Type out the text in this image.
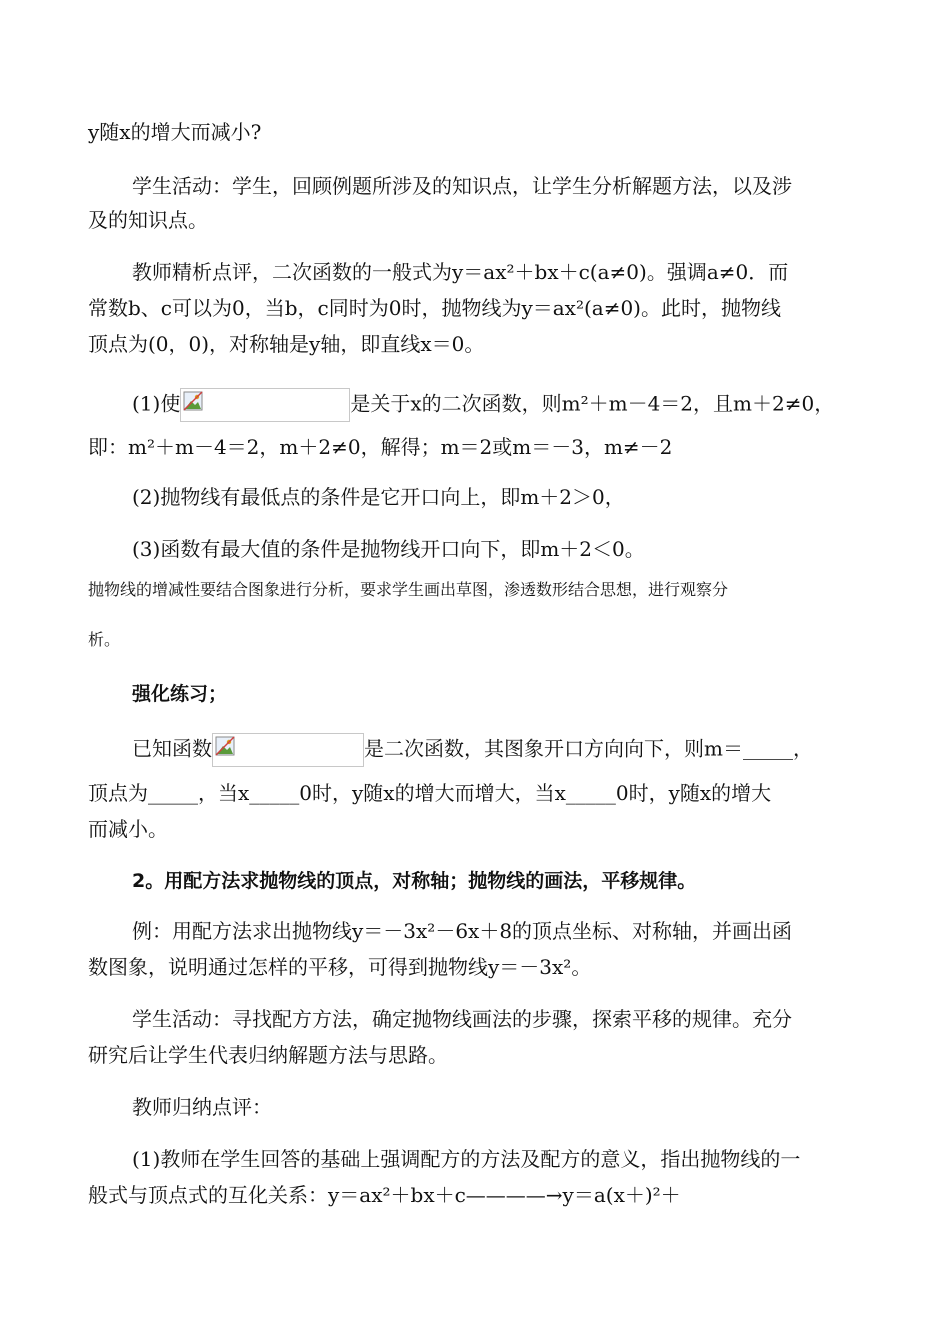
y随x的增大而减小?
学生活动：学生，回顾例题所涉及的知识点，让学生分析解题方法，以及涉
及的知识点。
教师精析点评，二次函数的一般式为y＝ax²＋bx＋c(a≠0)。强调a≠0．而
常数b、c可以为0，当b，c同时为0时，抛物线为y＝ax²(a≠0)。此时，抛物线
顶点为(0，0)，对称轴是y轴，即直线x＝0。
(1)使	是关于x的二次函数，则m²＋m－4＝2，且m＋2≠0，
即：m²＋m－4＝2，m＋2≠0，解得；m＝2或m＝－3，m≠－2
(2)抛物线有最低点的条件是它开口向上，即m＋2＞0，
(3)函数有最大值的条件是抛物线开口向下，即m＋2＜0。
抛物线的增减性要结合图象进行分析，要求学生画出草图，渗透数形结合思想，进行观察分
析。
强化练习；
已知函数	是二次函数，其图象开口方向向下，则m＝_____，
顶点为_____，当x_____0时，y随x的增大而增大，当x_____0时，y随x的增大
而减小。
2。用配方法求抛物线的顶点，对称轴；抛物线的画法，平移规律。
例：用配方法求出抛物线y＝－3x²－6x＋8的顶点坐标、对称轴，并画出函
数图象，说明通过怎样的平移，可得到抛物线y＝－3x²。
学生活动：寻找配方方法，确定抛物线画法的步骤，探索平移的规律。充分
研究后让学生代表归纳解题方法与思路。
教师归纳点评：
(1)教师在学生回答的基础上强调配方的方法及配方的意义，指出抛物线的一
般式与顶点式的互化关系：y＝ax²＋bx＋c————→y＝a(x＋)²＋
